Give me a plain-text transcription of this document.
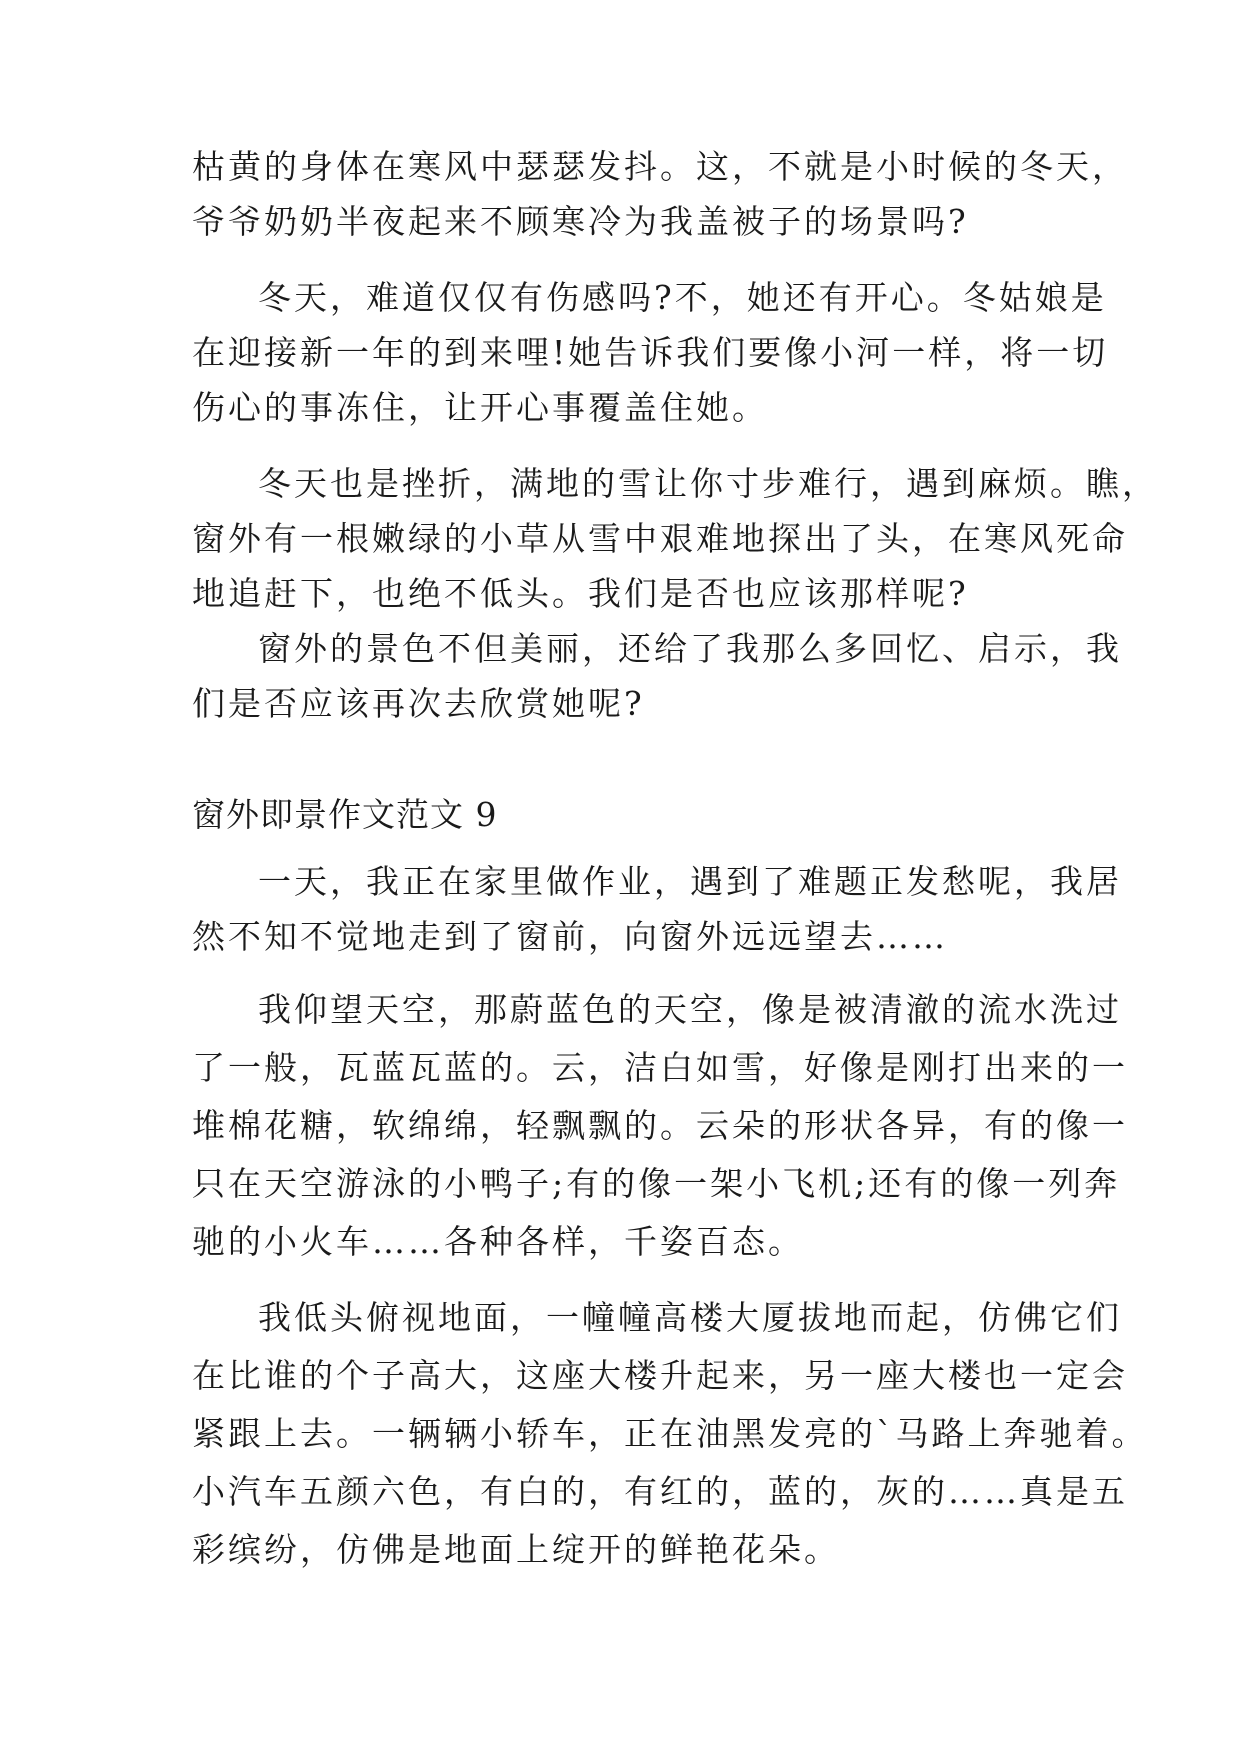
枯黄的身体在寒风中瑟瑟发抖。这，不就是小时候的冬天，
爷爷奶奶半夜起来不顾寒冷为我盖被子的场景吗?
冬天，难道仅仅有伤感吗?不，她还有开心。冬姑娘是
在迎接新一年的到来哩!她告诉我们要像小河一样，将一切
伤心的事冻住，让开心事覆盖住她。
冬天也是挫折，满地的雪让你寸步难行，遇到麻烦。瞧，
窗外有一根嫩绿的小草从雪中艰难地探出了头，在寒风死命
地追赶下，也绝不低头。我们是否也应该那样呢?
窗外的景色不但美丽，还给了我那么多回忆、启示，我
们是否应该再次去欣赏她呢?
窗外即景作文范文 9
一天，我正在家里做作业，遇到了难题正发愁呢，我居
然不知不觉地走到了窗前，向窗外远远望去……
我仰望天空，那蔚蓝色的天空，像是被清澈的流水洗过
了一般，瓦蓝瓦蓝的。云，洁白如雪，好像是刚打出来的一
堆棉花糖，软绵绵，轻飘飘的。云朵的形状各异，有的像一
只在天空游泳的小鸭子;有的像一架小飞机;还有的像一列奔
驰的小火车……各种各样，千姿百态。
我低头俯视地面，一幢幢高楼大厦拔地而起，仿佛它们
在比谁的个子高大，这座大楼升起来，另一座大楼也一定会
紧跟上去。一辆辆小轿车，正在油黑发亮的`马路上奔驰着。
小汽车五颜六色，有白的，有红的，蓝的，灰的……真是五
彩缤纷，仿佛是地面上绽开的鲜艳花朵。
